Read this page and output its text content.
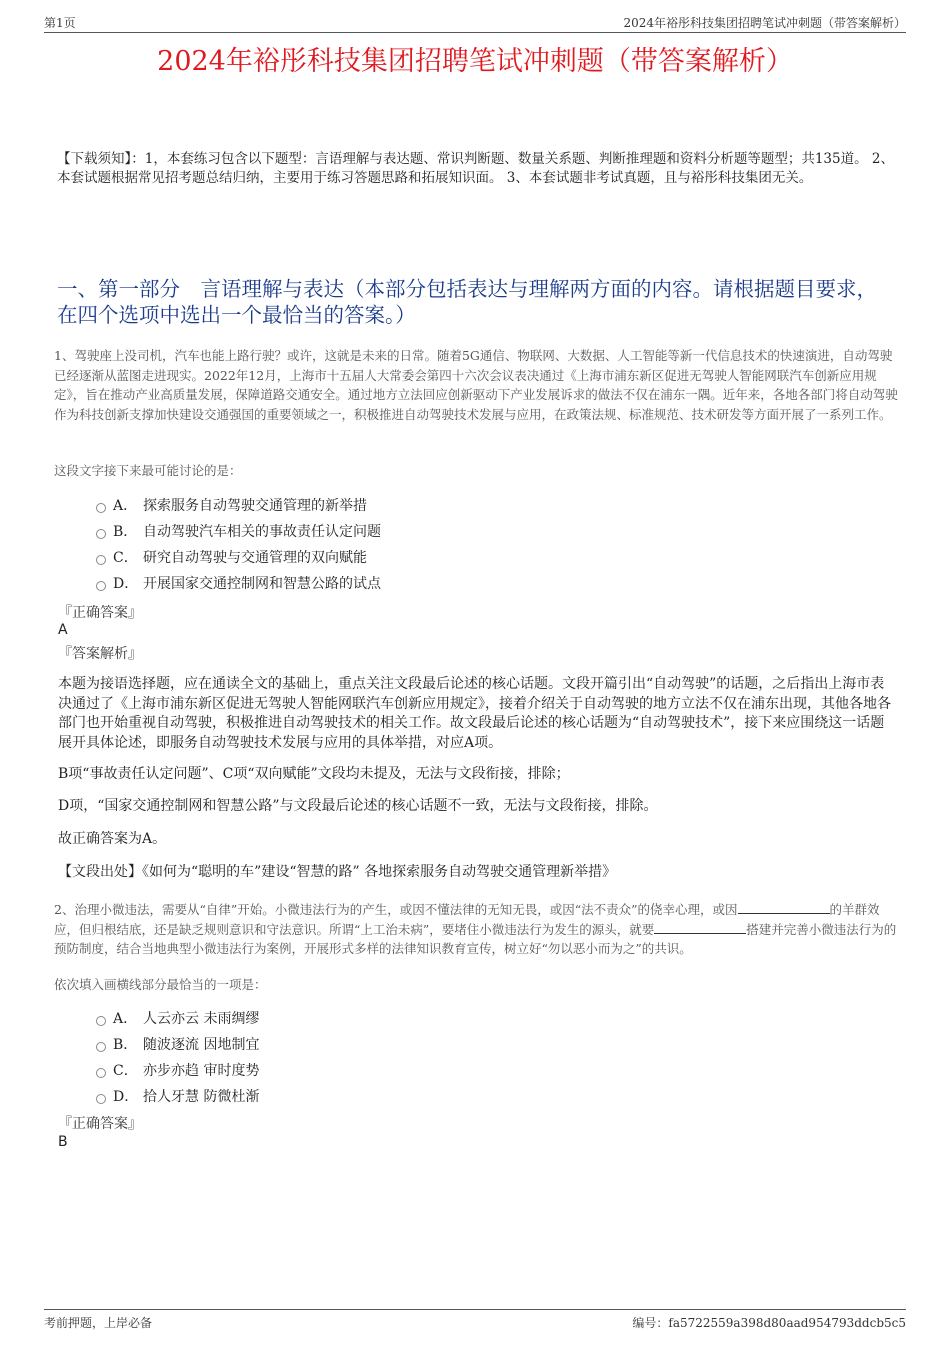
第1页	2024年裕彤科技集团招聘笔试冲刺题（带答案解析）
2024年裕彤科技集团招聘笔试冲刺题（带答案解析）
【下载须知】：1，本套练习包含以下题型：言语理解与表达题、常识判断题、数量关系题、判断推理题和资料分析题等题型；共135道。 2、本套试题根据常见招考题总结归纳，主要用于练习答题思路和拓展知识面。 3、本套试题非考试真题，且与裕彤科技集团无关。
一、第一部分　言语理解与表达（本部分包括表达与理解两方面的内容。请根据题目要求，在四个选项中选出一个最恰当的答案。）
1、驾驶座上没司机，汽车也能上路行驶？或许，这就是未来的日常。随着5G通信、物联网、大数据、人工智能等新一代信息技术的快速演进，自动驾驶已经逐渐从蓝图走进现实。2022年12月，上海市十五届人大常委会第四十六次会议表决通过《上海市浦东新区促进无驾驶人智能网联汽车创新应用规定》，旨在推动产业高质量发展，保障道路交通安全。通过地方立法回应创新驱动下产业发展诉求的做法不仅在浦东一隅。近年来，各地各部门将自动驾驶作为科技创新支撑加快建设交通强国的重要领域之一，积极推进自动驾驶技术发展与应用，在政策法规、标准规范、技术研发等方面开展了一系列工作。
这段文字接下来最可能讨论的是：
A． 探索服务自动驾驶交通管理的新举措
B． 自动驾驶汽车相关的事故责任认定问题
C． 研究自动驾驶与交通管理的双向赋能
D． 开展国家交通控制网和智慧公路的试点
『正确答案』
A
『答案解析』
本题为接语选择题，应在通读全文的基础上，重点关注文段最后论述的核心话题。文段开篇引出“自动驾驶”的话题，之后指出上海市表决通过了《上海市浦东新区促进无驾驶人智能网联汽车创新应用规定》，接着介绍关于自动驾驶的地方立法不仅在浦东出现，其他各地各部门也开始重视自动驾驶，积极推进自动驾驶技术的相关工作。故文段最后论述的核心话题为“自动驾驶技术”，接下来应围绕这一话题展开具体论述，即服务自动驾驶技术发展与应用的具体举措，对应A项。
B项“事故责任认定问题”、C项“双向赋能”文段均未提及，无法与文段衔接，排除；
D项，“国家交通控制网和智慧公路”与文段最后论述的核心话题不一致，无法与文段衔接，排除。
故正确答案为A。
【文段出处】《如何为“聪明的车”建设“智慧的路” 各地探索服务自动驾驶交通管理新举措》
2、治理小微违法，需要从“自律”开始。小微违法行为的产生，或因不懂法律的无知无畏，或因“法不责众”的侥幸心理，或因	的羊群效应，但归根结底，还是缺乏规则意识和守法意识。所谓“上工治未病”，要堵住小微违法行为发生的源头，就要	搭建并完善小微违法行为的预防制度，结合当地典型小微违法行为案例，开展形式多样的法律知识教育宣传，树立好“勿以恶小而为之”的共识。
依次填入画横线部分最恰当的一项是：
A． 人云亦云 未雨绸缪
B． 随波逐流 因地制宜
C． 亦步亦趋 审时度势
D． 拾人牙慧 防微杜渐
『正确答案』
B
考前押题，上岸必备	编号：fa5722559a398d80aad954793ddcb5c5
